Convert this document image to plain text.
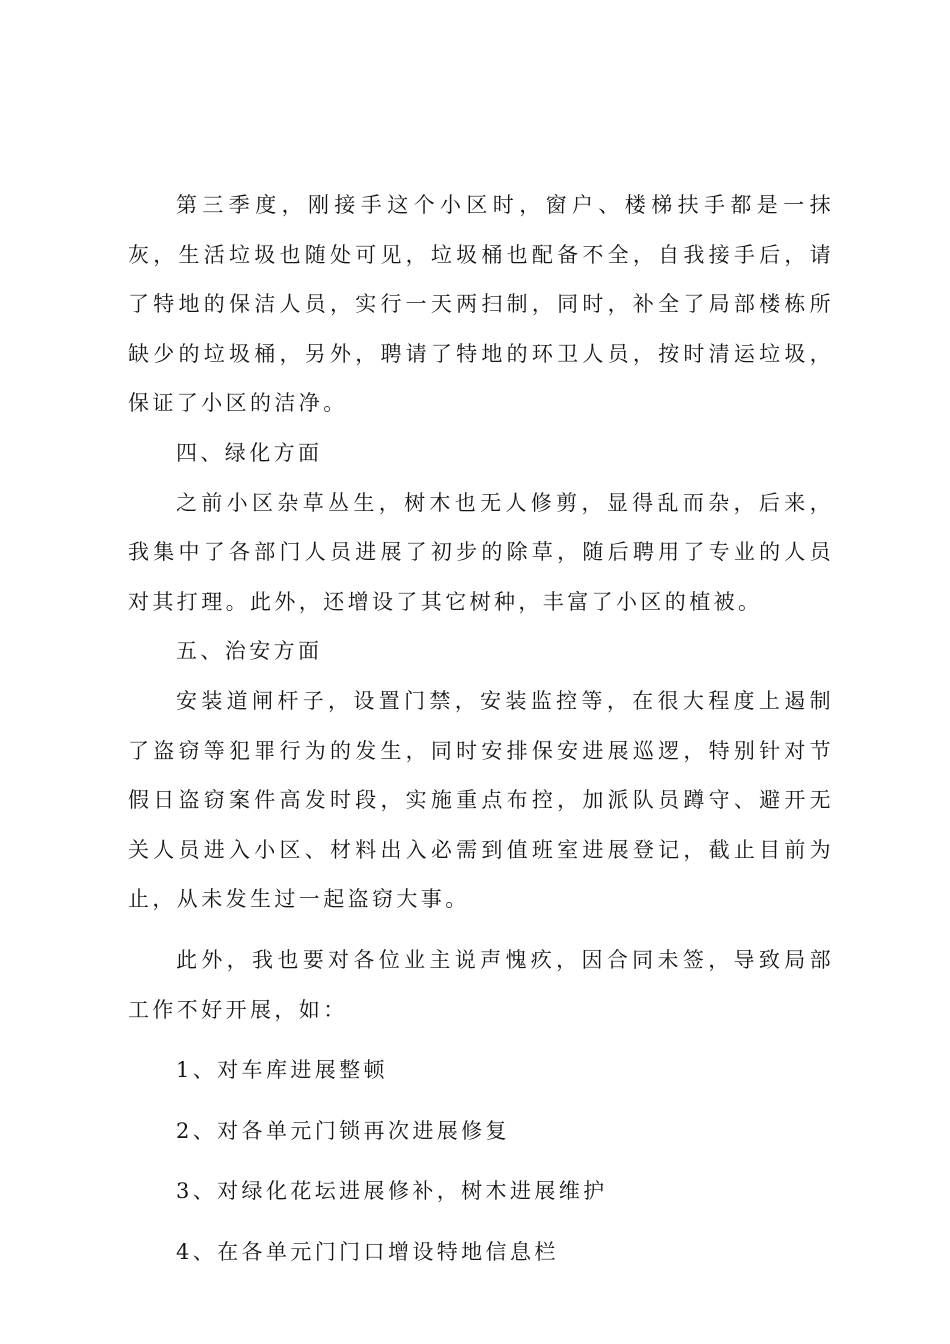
第三季度，刚接手这个小区时，窗户、楼梯扶手都是一抹灰，生活垃圾也随处可见，垃圾桶也配备不全，自我接手后，请了特地的保洁人员，实行一天两扫制，同时，补全了局部楼栋所缺少的垃圾桶，另外，聘请了特地的环卫人员，按时清运垃圾，保证了小区的洁净。

四、绿化方面

之前小区杂草丛生，树木也无人修剪，显得乱而杂，后来，我集中了各部门人员进展了初步的除草，随后聘用了专业的人员对其打理。此外，还增设了其它树种，丰富了小区的植被。

五、治安方面

安装道闸杆子，设置门禁，安装监控等，在很大程度上遏制了盗窃等犯罪行为的发生，同时安排保安进展巡逻，特别针对节假日盗窃案件高发时段，实施重点布控，加派队员蹲守、避开无关人员进入小区、材料出入必需到值班室进展登记，截止目前为止，从未发生过一起盗窃大事。

此外，我也要对各位业主说声愧疚，因合同未签，导致局部工作不好开展，如：

1、对车库进展整顿

2、对各单元门锁再次进展修复

3、对绿化花坛进展修补，树木进展维护

4、在各单元门门口增设特地信息栏
